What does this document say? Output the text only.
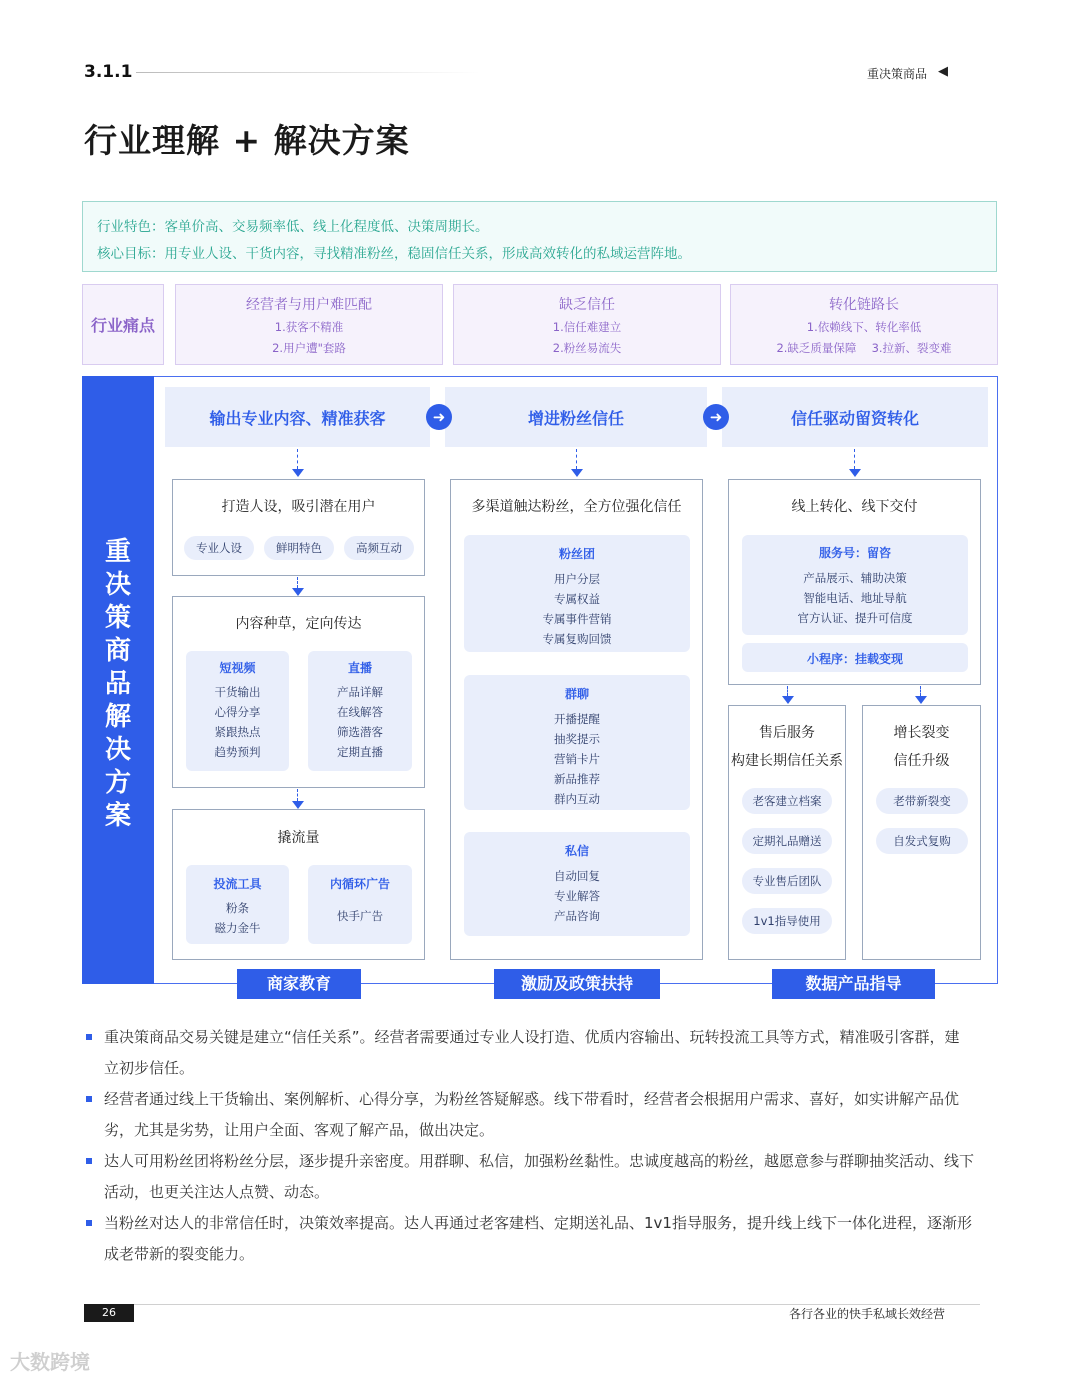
3.1.1	重决策商品 ◀
行业理解 + 解决方案
行业特色：客单价高、交易频率低、线上化程度低、决策周期长。
核心目标：用专业人设、干货内容，寻找精准粉丝，稳固信任关系，形成高效转化的私域运营阵地。
行业痛点
经营者与用户难匹配
1.获客不精准
2.用户遭"套路
缺乏信任
1.信任难建立
2.粉丝易流失
转化链路长
1.依赖线下、转化率低
2.缺乏质量保障　 3.拉新、裂变难
重
决
策
商
品
解
决
方
案
输出专业内容、精准获客	增进粉丝信任	信任驱动留资转化
➜	➜
打造人设，吸引潜在用户
专业人设	鲜明特色	高频互动
内容种草，定向传达
短视频
干货输出
心得分享
紧跟热点
趋势预判
直播
产品详解
在线解答
筛选潜客
定期直播
撬流量
投流工具
粉条
磁力金牛
内循环广告
快手广告
多渠道触达粉丝，全方位强化信任
粉丝团
用户分层
专属权益
专属事件营销
专属复购回馈
群聊
开播提醒
抽奖提示
营销卡片
新品推荐
群内互动
私信
自动回复
专业解答
产品咨询
线上转化、线下交付
服务号：留咨
产品展示、辅助决策
智能电话、地址导航
官方认证、提升可信度
小程序：挂载变现
售后服务
构建长期信任关系
老客建立档案
定期礼品赠送
专业售后团队
1v1指导使用
增长裂变
信任升级
老带新裂变
自发式复购
商家教育	激励及政策扶持	数据产品指导
重决策商品交易关键是建立“信任关系”。经营者需要通过专业人设打造、优质内容输出、玩转投流工具等方式，精准吸引客群，建立初步信任。
经营者通过线上干货输出、案例解析、心得分享，为粉丝答疑解惑。线下带看时，经营者会根据用户需求、喜好，如实讲解产品优劣，尤其是劣势，让用户全面、客观了解产品，做出决定。
达人可用粉丝团将粉丝分层，逐步提升亲密度。用群聊、私信，加强粉丝黏性。忠诚度越高的粉丝，越愿意参与群聊抽奖活动、线下活动，也更关注达人点赞、动态。
当粉丝对达人的非常信任时，决策效率提高。达人再通过老客建档、定期送礼品、1v1指导服务，提升线上线下一体化进程，逐渐形成老带新的裂变能力。
26	各行各业的快手私域长效经营
大数跨境
